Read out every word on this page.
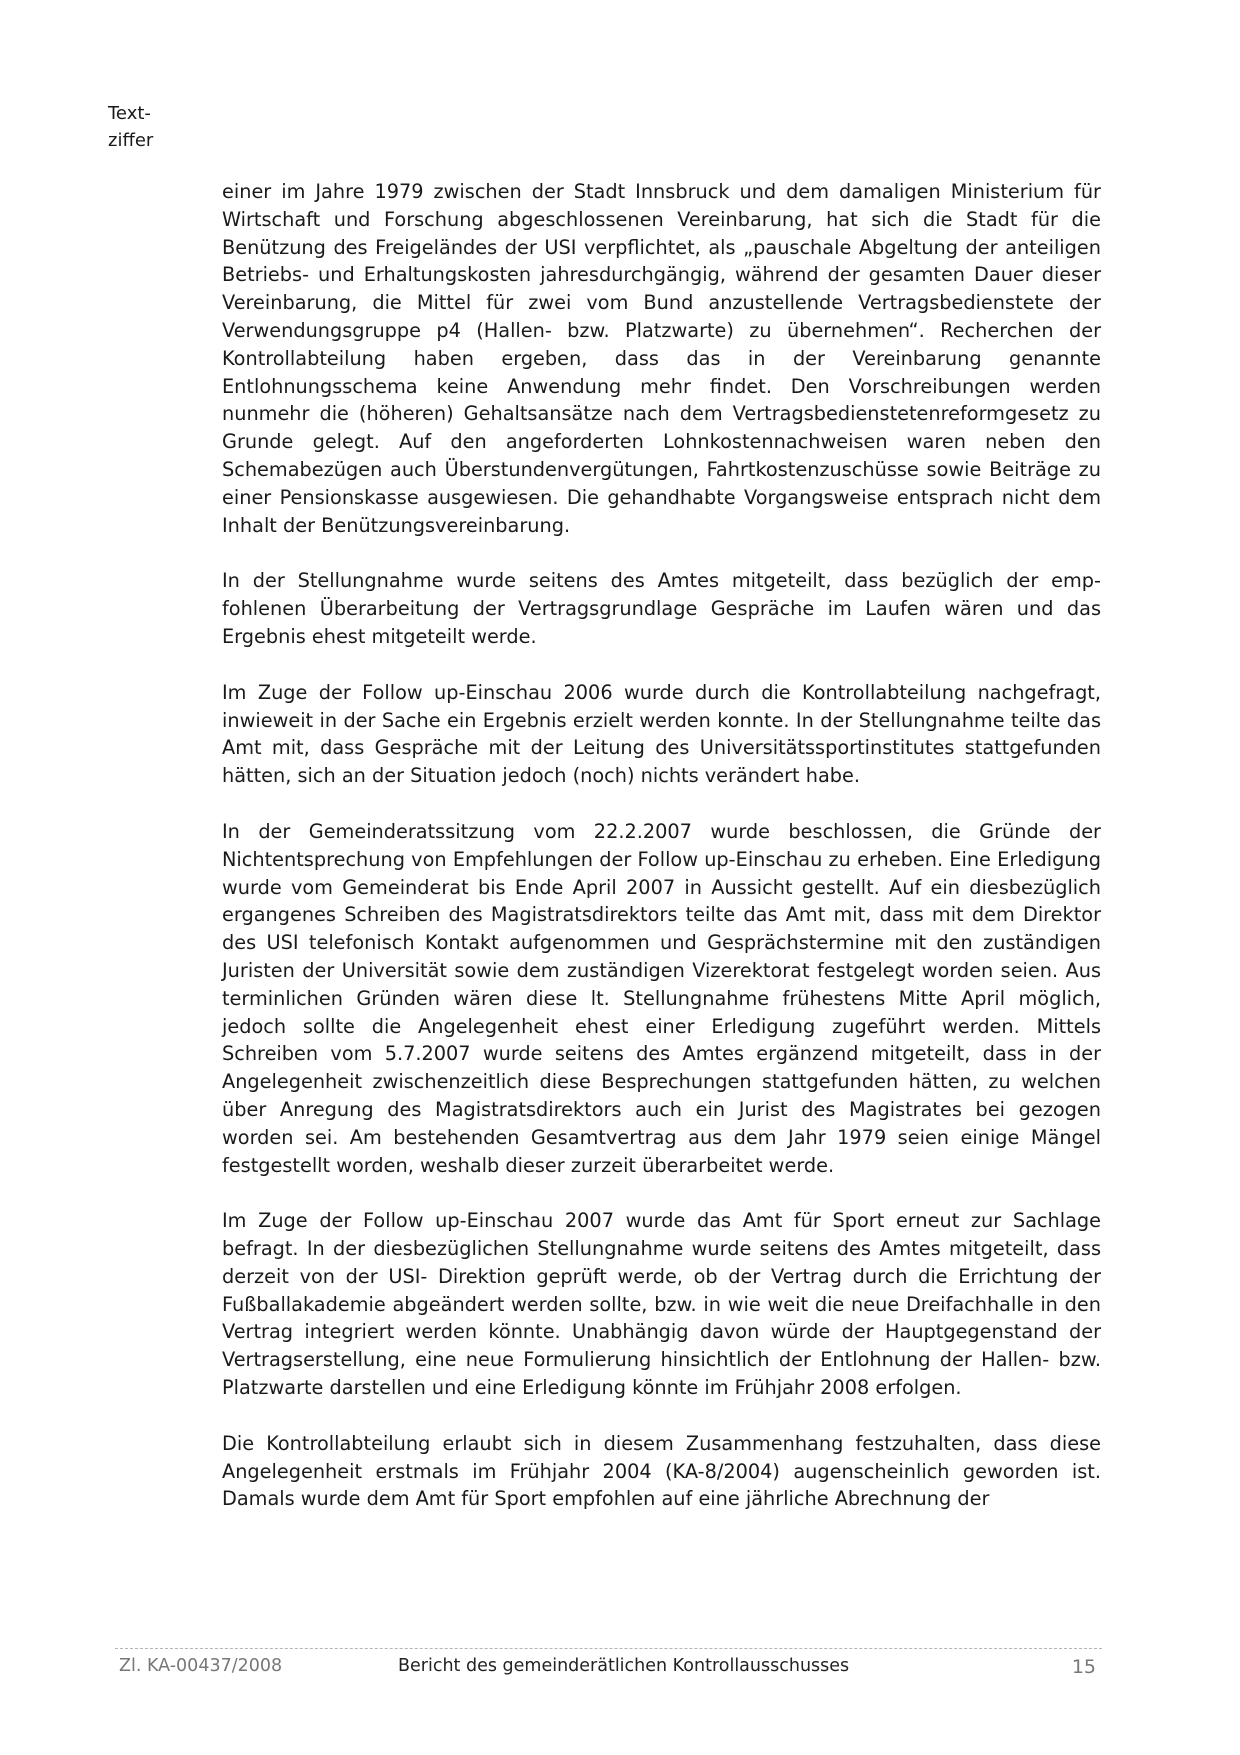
Text-
ziffer

einer im Jahre 1979 zwischen der Stadt Innsbruck und dem damaligen Ministerium für Wirtschaft und Forschung abgeschlossenen Vereinbarung, hat sich die Stadt für die Benützung des Freigeländes der USI verpflichtet, als „pauschale Abgeltung der anteiligen Betriebs- und Erhaltungskosten jahresdurchgängig, während der gesamten Dauer dieser Vereinbarung, die Mittel für zwei vom Bund anzustellende Vertragsbedienstete der Verwendungsgruppe p4 (Hallen- bzw. Platzwarte) zu übernehmen“. Recherchen der Kontrollabteilung haben ergeben, dass das in der Vereinbarung genannte Entlohnungsschema keine Anwendung mehr findet. Den Vorschreibungen werden nunmehr die (höheren) Gehaltsansätze nach dem Vertragsbedienstetenreformgesetz zu Grunde gelegt. Auf den angeforderten Lohnkostennachweisen waren neben den Schemabezügen auch Überstundenvergütungen, Fahrtkostenzuschüsse sowie Beiträge zu einer Pensionskasse ausgewiesen. Die gehandhabte Vorgangsweise entsprach nicht dem Inhalt der Benützungsvereinbarung.

In der Stellungnahme wurde seitens des Amtes mitgeteilt, dass bezüglich der empfohlenen Überarbeitung der Vertragsgrundlage Gespräche im Laufen wären und das Ergebnis ehest mitgeteilt werde.

Im Zuge der Follow up-Einschau 2006 wurde durch die Kontrollabteilung nachgefragt, inwieweit in der Sache ein Ergebnis erzielt werden konnte. In der Stellungnahme teilte das Amt mit, dass Gespräche mit der Leitung des Universitätssportinstitutes stattgefunden hätten, sich an der Situation jedoch (noch) nichts verändert habe.

In der Gemeinderatssitzung vom 22.2.2007 wurde beschlossen, die Gründe der Nichtentsprechung von Empfehlungen der Follow up-Einschau zu erheben. Eine Erledigung wurde vom Gemeinderat bis Ende April 2007 in Aussicht gestellt. Auf ein diesbezüglich ergangenes Schreiben des Magistratsdirektors teilte das Amt mit, dass mit dem Direktor des USI telefonisch Kontakt aufgenommen und Gesprächstermine mit den zuständigen Juristen der Universität sowie dem zuständigen Vizerektorat festgelegt worden seien. Aus terminlichen Gründen wären diese lt. Stellungnahme frühestens Mitte April möglich, jedoch sollte die Angelegenheit ehest einer Erledigung zugeführt werden. Mittels Schreiben vom 5.7.2007 wurde seitens des Amtes ergänzend mitgeteilt, dass in der Angelegenheit zwischenzeitlich diese Besprechungen stattgefunden hätten, zu welchen über Anregung des Magistratsdirektors auch ein Jurist des Magistrates bei gezogen worden sei. Am bestehenden Gesamtvertrag aus dem Jahr 1979 seien einige Mängel festgestellt worden, weshalb dieser zurzeit überarbeitet werde.

Im Zuge der Follow up-Einschau 2007 wurde das Amt für Sport erneut zur Sachlage befragt. In der diesbezüglichen Stellungnahme wurde seitens des Amtes mitgeteilt, dass derzeit von der USI- Direktion geprüft werde, ob der Vertrag durch die Errichtung der Fußballakademie abgeändert werden sollte, bzw. in wie weit die neue Dreifachhalle in den Vertrag integriert werden könnte. Unabhängig davon würde der Hauptgegenstand der Vertragserstellung, eine neue Formulierung hinsichtlich der Entlohnung der Hallen- bzw. Platzwarte darstellen und eine Erledigung könnte im Frühjahr 2008 erfolgen.

Die Kontrollabteilung erlaubt sich in diesem Zusammenhang festzuhalten, dass diese Angelegenheit erstmals im Frühjahr 2004 (KA-8/2004) augenscheinlich geworden ist. Damals wurde dem Amt für Sport empfohlen auf eine jährliche Abrechnung der

Zl. KA-00437/2008	Bericht des gemeinderätlichen Kontrollausschusses	15
